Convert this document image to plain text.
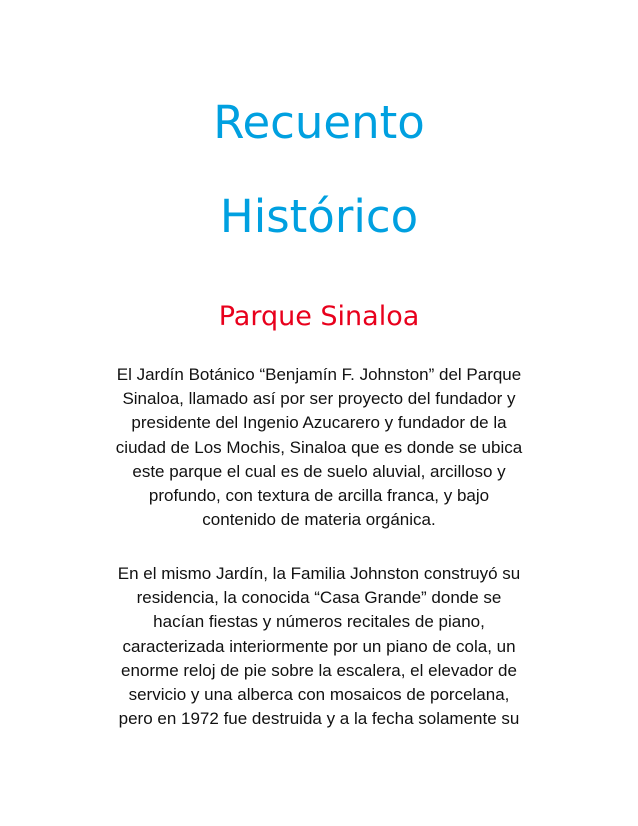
Recuento
Histórico
Parque Sinaloa
El Jardín Botánico “Benjamín F. Johnston” del Parque
Sinaloa, llamado así por ser proyecto del fundador y
presidente del Ingenio Azucarero y fundador de la
ciudad de Los Mochis, Sinaloa que es donde se ubica
este parque el cual es de suelo aluvial, arcilloso y
profundo, con textura de arcilla franca, y bajo
contenido de materia orgánica.
En el mismo Jardín, la Familia Johnston construyó su
residencia, la conocida “Casa Grande” donde se
hacían fiestas y números recitales de piano,
caracterizada interiormente por un piano de cola, un
enorme reloj de pie sobre la escalera, el elevador de
servicio y una alberca con mosaicos de porcelana,
pero en 1972 fue destruida y a la fecha solamente su
